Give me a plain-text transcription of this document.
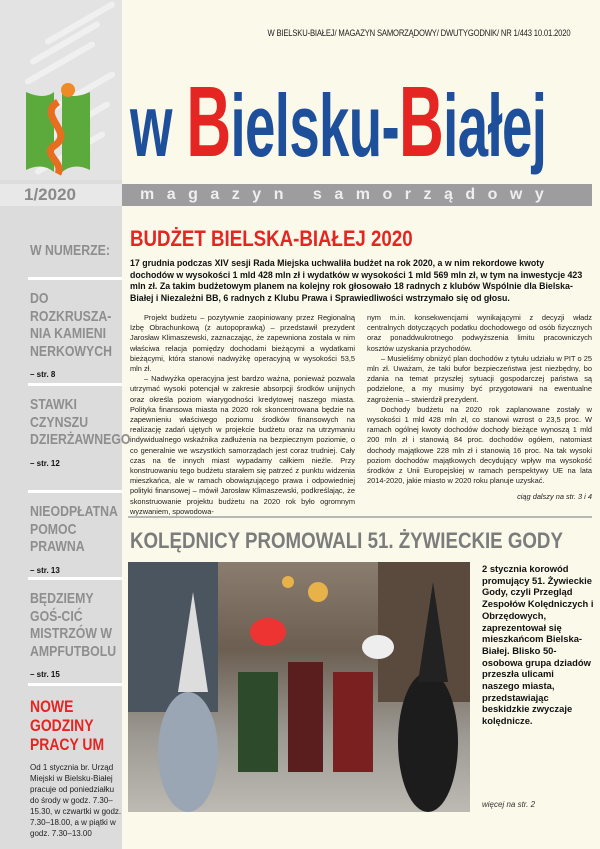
W BIELSKU-BIAŁEJ/ MAGAZYN SAMORZĄDOWY/ DWUTYGODNIK/ NR 1/443 10.01.2020
w Bielsku-Białej
1/2020	magazyn samorządowy
W NUMERZE:
DO ROZKRUSZA-NIA KAMIENI NERKOWYCH
– str. 8
STAWKI CZYNSZU DZIERŻAWNEGO
– str. 12
NIEODPŁATNA POMOC PRAWNA
– str. 13
BĘDZIEMY GOŚ-CIĆ MISTRZÓW W AMPFUTBOLU
– str. 15
NOWE GODZINY PRACY UM
Od 1 stycznia br. Urząd Miejski w Bielsku-Białej pracuje od poniedziałku do środy w godz. 7.30–15.30, w czwartki w godz. 7.30–18.00, a w piątki w godz. 7.30–13.00
BUDŻET BIELSKA-BIAŁEJ 2020
17 grudnia podczas XIV sesji Rada Miejska uchwaliła budżet na rok 2020, a w nim rekordowe kwoty dochodów w wysokości 1 mld 428 mln zł i wydatków w wysokości 1 mld 569 mln zł, w tym na inwestycje 423 mln zł. Za takim budżetowym planem na kolejny rok głosowało 18 radnych z klubów Wspólnie dla Bielska-Białej i Niezależni BB, 6 radnych z Klubu Prawa i Sprawiedliwości wstrzymało się od głosu.

Projekt budżetu – pozytywnie zaopiniowany przez Regionalną Izbę Obrachunkową (z autopoprawką) – przedstawił prezydent Jarosław Klimaszewski, zaznaczając, że zapewniona została w nim właściwa relacja pomiędzy dochodami bieżącymi a wydatkami bieżącymi, która stanowi nadwyżkę operacyjną w wysokości 53,5 mln zł.

– Nadwyżka operacyjna jest bardzo ważna, ponieważ pozwala utrzymać wysoki potencjał w zakresie absorpcji środków unijnych oraz określa poziom wiarygodności kredytowej naszego miasta. Polityka finansowa miasta na 2020 rok skoncentrowana będzie na zapewnieniu właściwego poziomu środków finansowych na realizację zadań ujętych w projekcie budżetu oraz na utrzymaniu indywidualnego wskaźnika zadłużenia na bezpiecznym poziomie, o co generalnie we wszystkich samorządach jest coraz trudniej. Cały czas na tle innych miast wypadamy całkiem nieźle. Przy konstruowaniu tego budżetu starałem się patrzeć z punktu widzenia mieszkańca, ale w ramach obowiązującego prawa i odpowiedniej polityki finansowej – mówił Jarosław Klimaszewski, podkreślając, że skonstruowanie projektu budżetu na 2020 rok było ogromnym wyzwaniem, spowodowa-

nym m.in. konsekwencjami wynikającymi z decyzji władz centralnych dotyczących podatku dochodowego od osób fizycznych oraz ponaddwukrotnego podwyższenia limitu pracowniczych kosztów uzyskania przychodów.

– Musieliśmy obniżyć plan dochodów z tytułu udziału w PIT o 25 mln zł. Uważam, że taki bufor bezpieczeństwa jest niezbędny, bo zdania na temat przyszłej sytuacji gospodarczej państwa są podzielone, a my musimy być przygotowani na ewentualne zagrożenia – stwierdził prezydent.

Dochody budżetu na 2020 rok zaplanowane zostały w wysokości 1 mld 428 mln zł, co stanowi wzrost o 23,5 proc. W ramach ogólnej kwoty dochodów dochody bieżące wynoszą 1 mld 200 mln zł i stanowią 84 proc. dochodów ogółem, natomiast dochody majątkowe 228 mln zł i stanowią 16 proc. Na tak wysoki poziom dochodów majątkowych decydujący wpływ ma wysokość środków z Unii Europejskiej w ramach perspektywy UE na lata 2014-2020, jakie miasto w 2020 roku planuje uzyskać.

ciąg dalszy na str. 3 i 4
KOLĘDNICY PROMOWALI 51. ŻYWIECKIE GODY
2 stycznia korowód promujący 51. Żywieckie Gody, czyli Przegląd Zespołów Kolędniczych i Obrzędowych, zaprezentował się mieszkańcom Bielska-Białej. Blisko 50-osobowa grupa dziadów przeszła ulicami naszego miasta, przedstawiając beskidzkie zwyczaje kolędnicze.
więcej na str. 2
